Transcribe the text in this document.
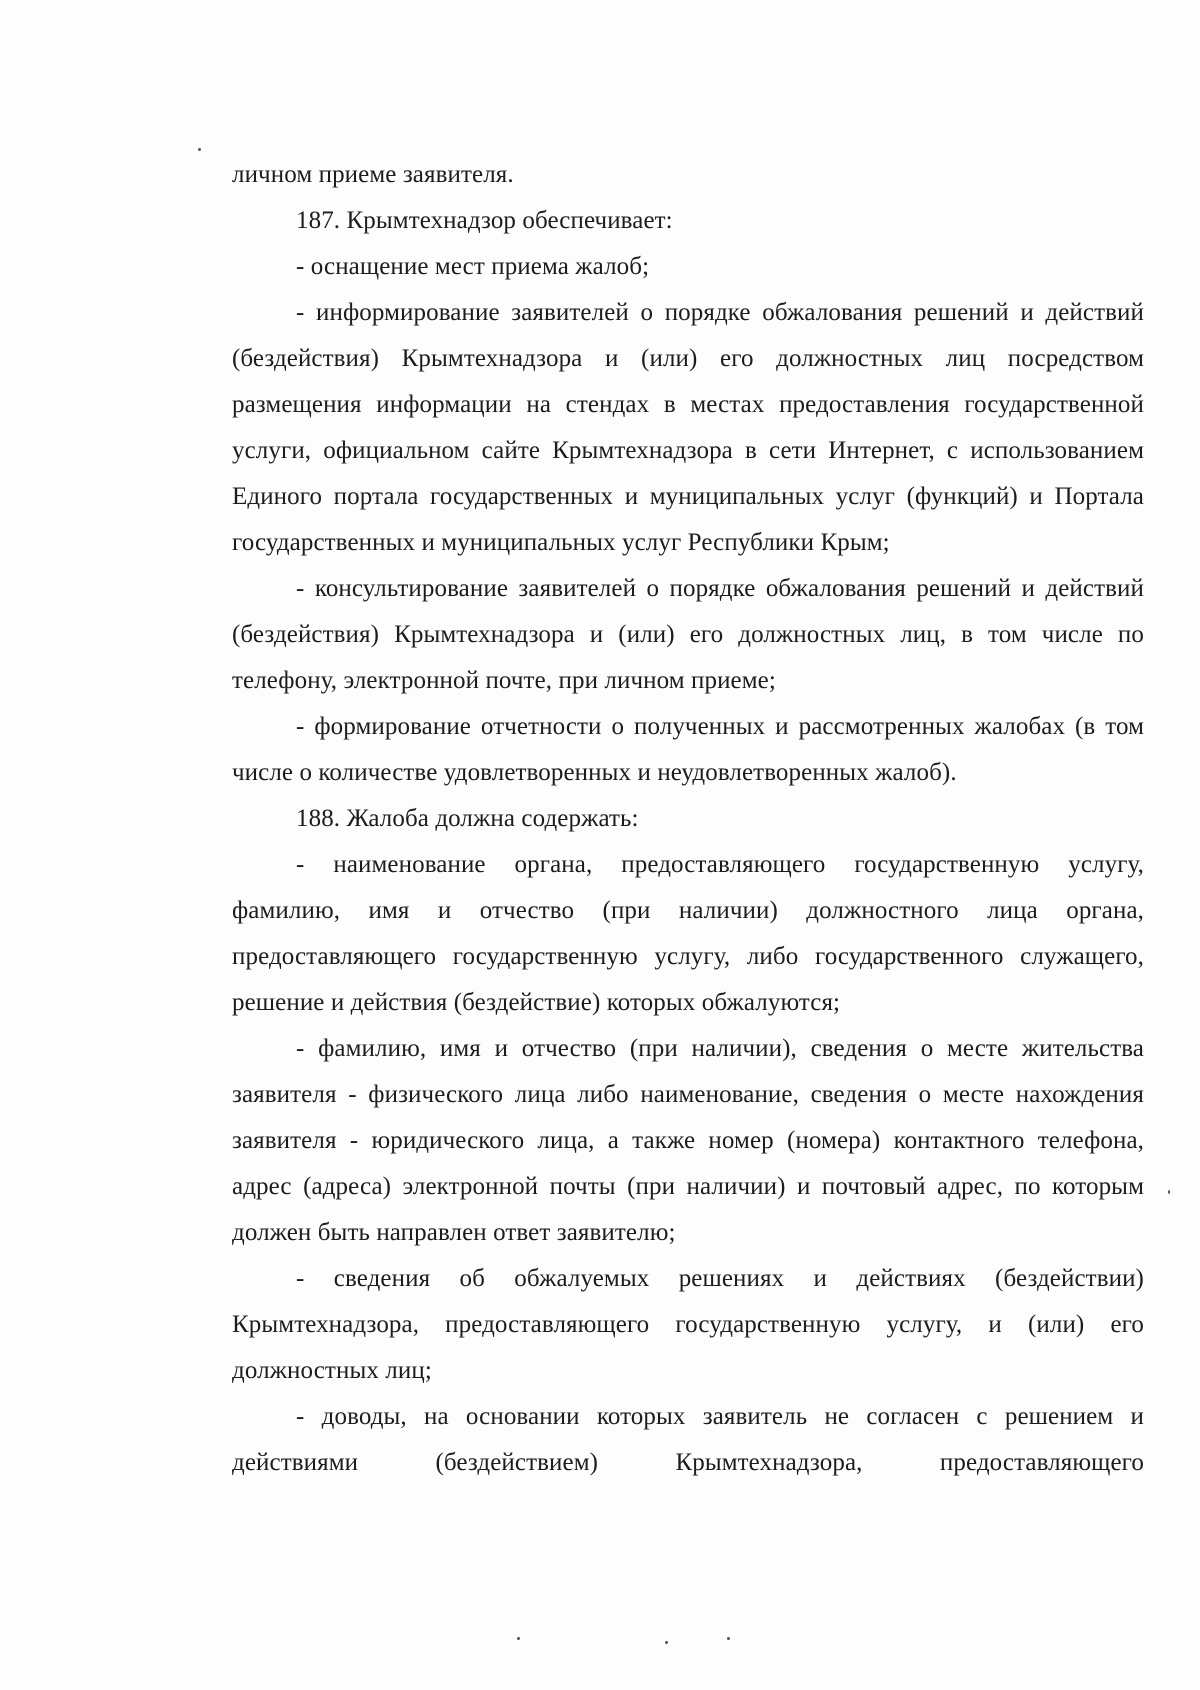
личном приеме заявителя.

187. Крымтехнадзор обеспечивает:

- оснащение мест приема жалоб;

- информирование заявителей о порядке обжалования решений и действий (бездействия) Крымтехнадзора и (или) его должностных лиц посредством размещения информации на стендах в местах предоставления государственной услуги, официальном сайте Крымтехнадзора в сети Интернет, с использованием Единого портала государственных и муниципальных услуг (функций) и Портала государственных и муниципальных услуг Республики Крым;

- консультирование заявителей о порядке обжалования решений и действий (бездействия) Крымтехнадзора и (или) его должностных лиц, в том числе по телефону, электронной почте, при личном приеме;

- формирование отчетности о полученных и рассмотренных жалобах (в том числе о количестве удовлетворенных и неудовлетворенных жалоб).

188. Жалоба должна содержать:

- наименование органа, предоставляющего государственную услугу, фамилию, имя и отчество (при наличии) должностного лица органа, предоставляющего государственную услугу, либо государственного служащего, решение и действия (бездействие) которых обжалуются;

- фамилию, имя и отчество (при наличии), сведения о месте жительства заявителя - физического лица либо наименование, сведения о месте нахождения заявителя - юридического лица, а также номер (номера) контактного телефона, адрес (адреса) электронной почты (при наличии) и почтовый адрес, по которым должен быть направлен ответ заявителю;

- сведения об обжалуемых решениях и действиях (бездействии) Крымтехнадзора, предоставляющего государственную услугу, и (или) его должностных лиц;

- доводы, на основании которых заявитель не согласен с решением и действиями (бездействием) Крымтехнадзора, предоставляющего
